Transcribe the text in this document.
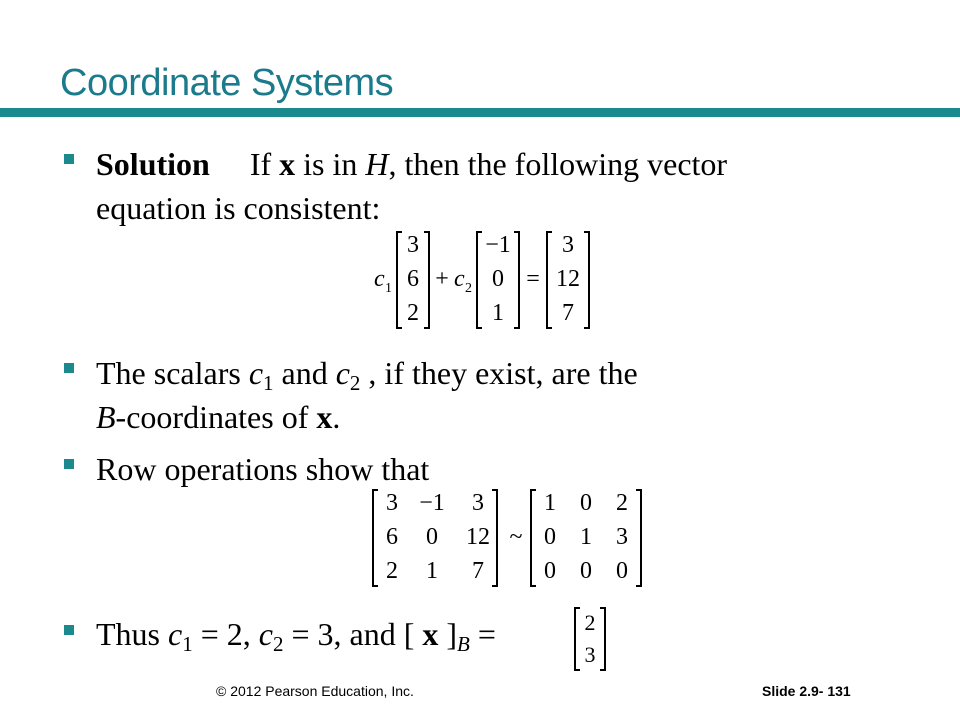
Coordinate Systems
Solution If x is in H, then the following vector
equation is consistent:
c 1
3
6
2
+ c 2
−1
0
1
=
3
12
7
The scalars $c_1$ and $c_2$ , if they exist, are the
B-coordinates of x.
Row operations show that
3 −1 3
6 0 12
2 1 7
~
1 0 2
0 1 3
0 0 0
Thus $c_1 = 2$, $c_2 = 3$, and [ x ]$_B$ =	2
3
© 2012 Pearson Education, Inc.	Slide 2.9- 131
